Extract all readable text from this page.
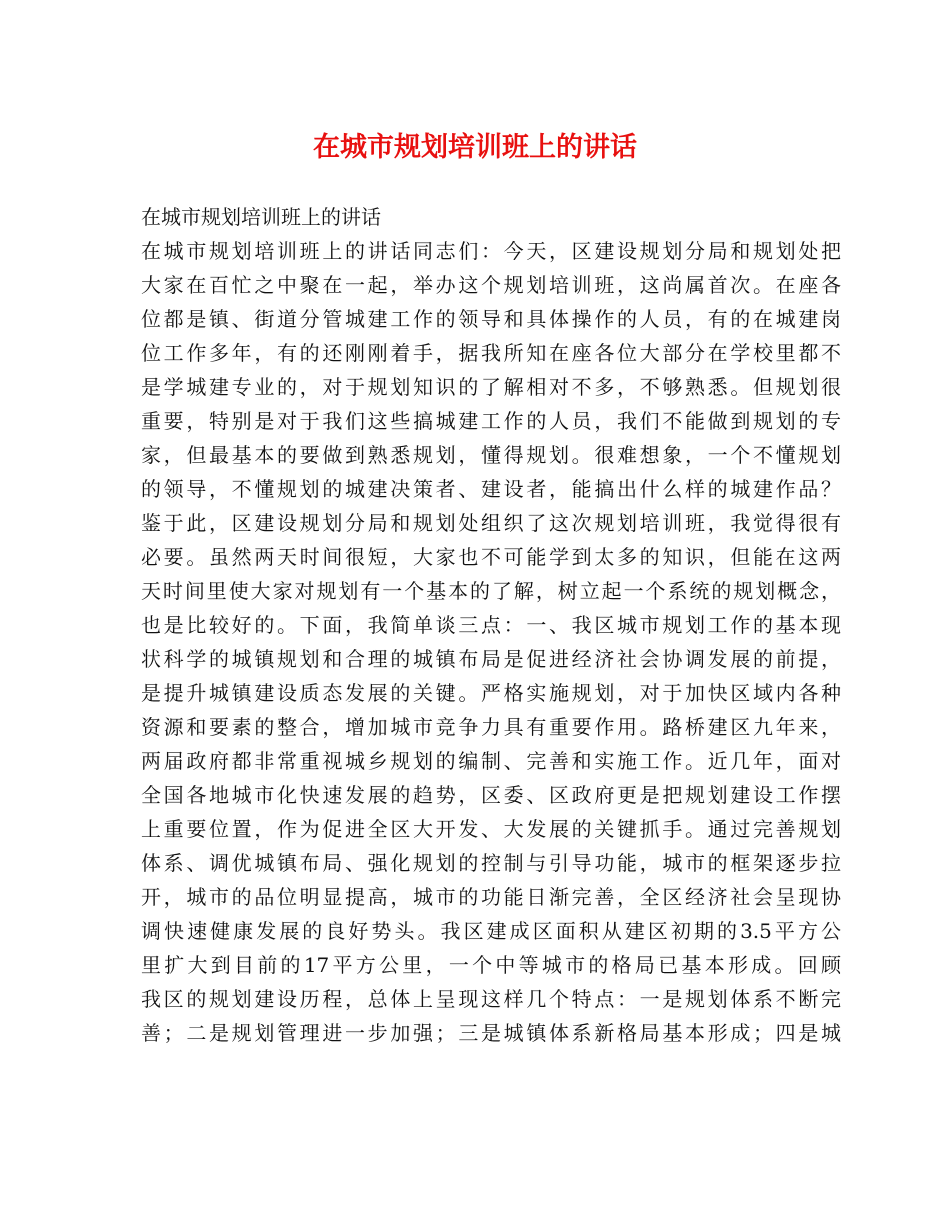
在城市规划培训班上的讲话
在城市规划培训班上的讲话
在城市规划培训班上的讲话同志们：今天，区建设规划分局和规划处把
大家在百忙之中聚在一起，举办这个规划培训班，这尚属首次。在座各
位都是镇、街道分管城建工作的领导和具体操作的人员，有的在城建岗
位工作多年，有的还刚刚着手，据我所知在座各位大部分在学校里都不
是学城建专业的，对于规划知识的了解相对不多，不够熟悉。但规划很
重要，特别是对于我们这些搞城建工作的人员，我们不能做到规划的专
家，但最基本的要做到熟悉规划，懂得规划。很难想象，一个不懂规划
的领导，不懂规划的城建决策者、建设者，能搞出什么样的城建作品？
鉴于此，区建设规划分局和规划处组织了这次规划培训班，我觉得很有
必要。虽然两天时间很短，大家也不可能学到太多的知识，但能在这两
天时间里使大家对规划有一个基本的了解，树立起一个系统的规划概念，
也是比较好的。下面，我简单谈三点：一、我区城市规划工作的基本现
状科学的城镇规划和合理的城镇布局是促进经济社会协调发展的前提，
是提升城镇建设质态发展的关键。严格实施规划，对于加快区域内各种
资源和要素的整合，增加城市竞争力具有重要作用。路桥建区九年来，
两届政府都非常重视城乡规划的编制、完善和实施工作。近几年，面对
全国各地城市化快速发展的趋势，区委、区政府更是把规划建设工作摆
上重要位置，作为促进全区大开发、大发展的关键抓手。通过完善规划
体系、调优城镇布局、强化规划的控制与引导功能，城市的框架逐步拉
开，城市的品位明显提高，城市的功能日渐完善，全区经济社会呈现协
调快速健康发展的良好势头。我区建成区面积从建区初期的3.5平方公
里扩大到目前的17平方公里，一个中等城市的格局已基本形成。回顾
我区的规划建设历程，总体上呈现这样几个特点：一是规划体系不断完
善；二是规划管理进一步加强；三是城镇体系新格局基本形成；四是城
